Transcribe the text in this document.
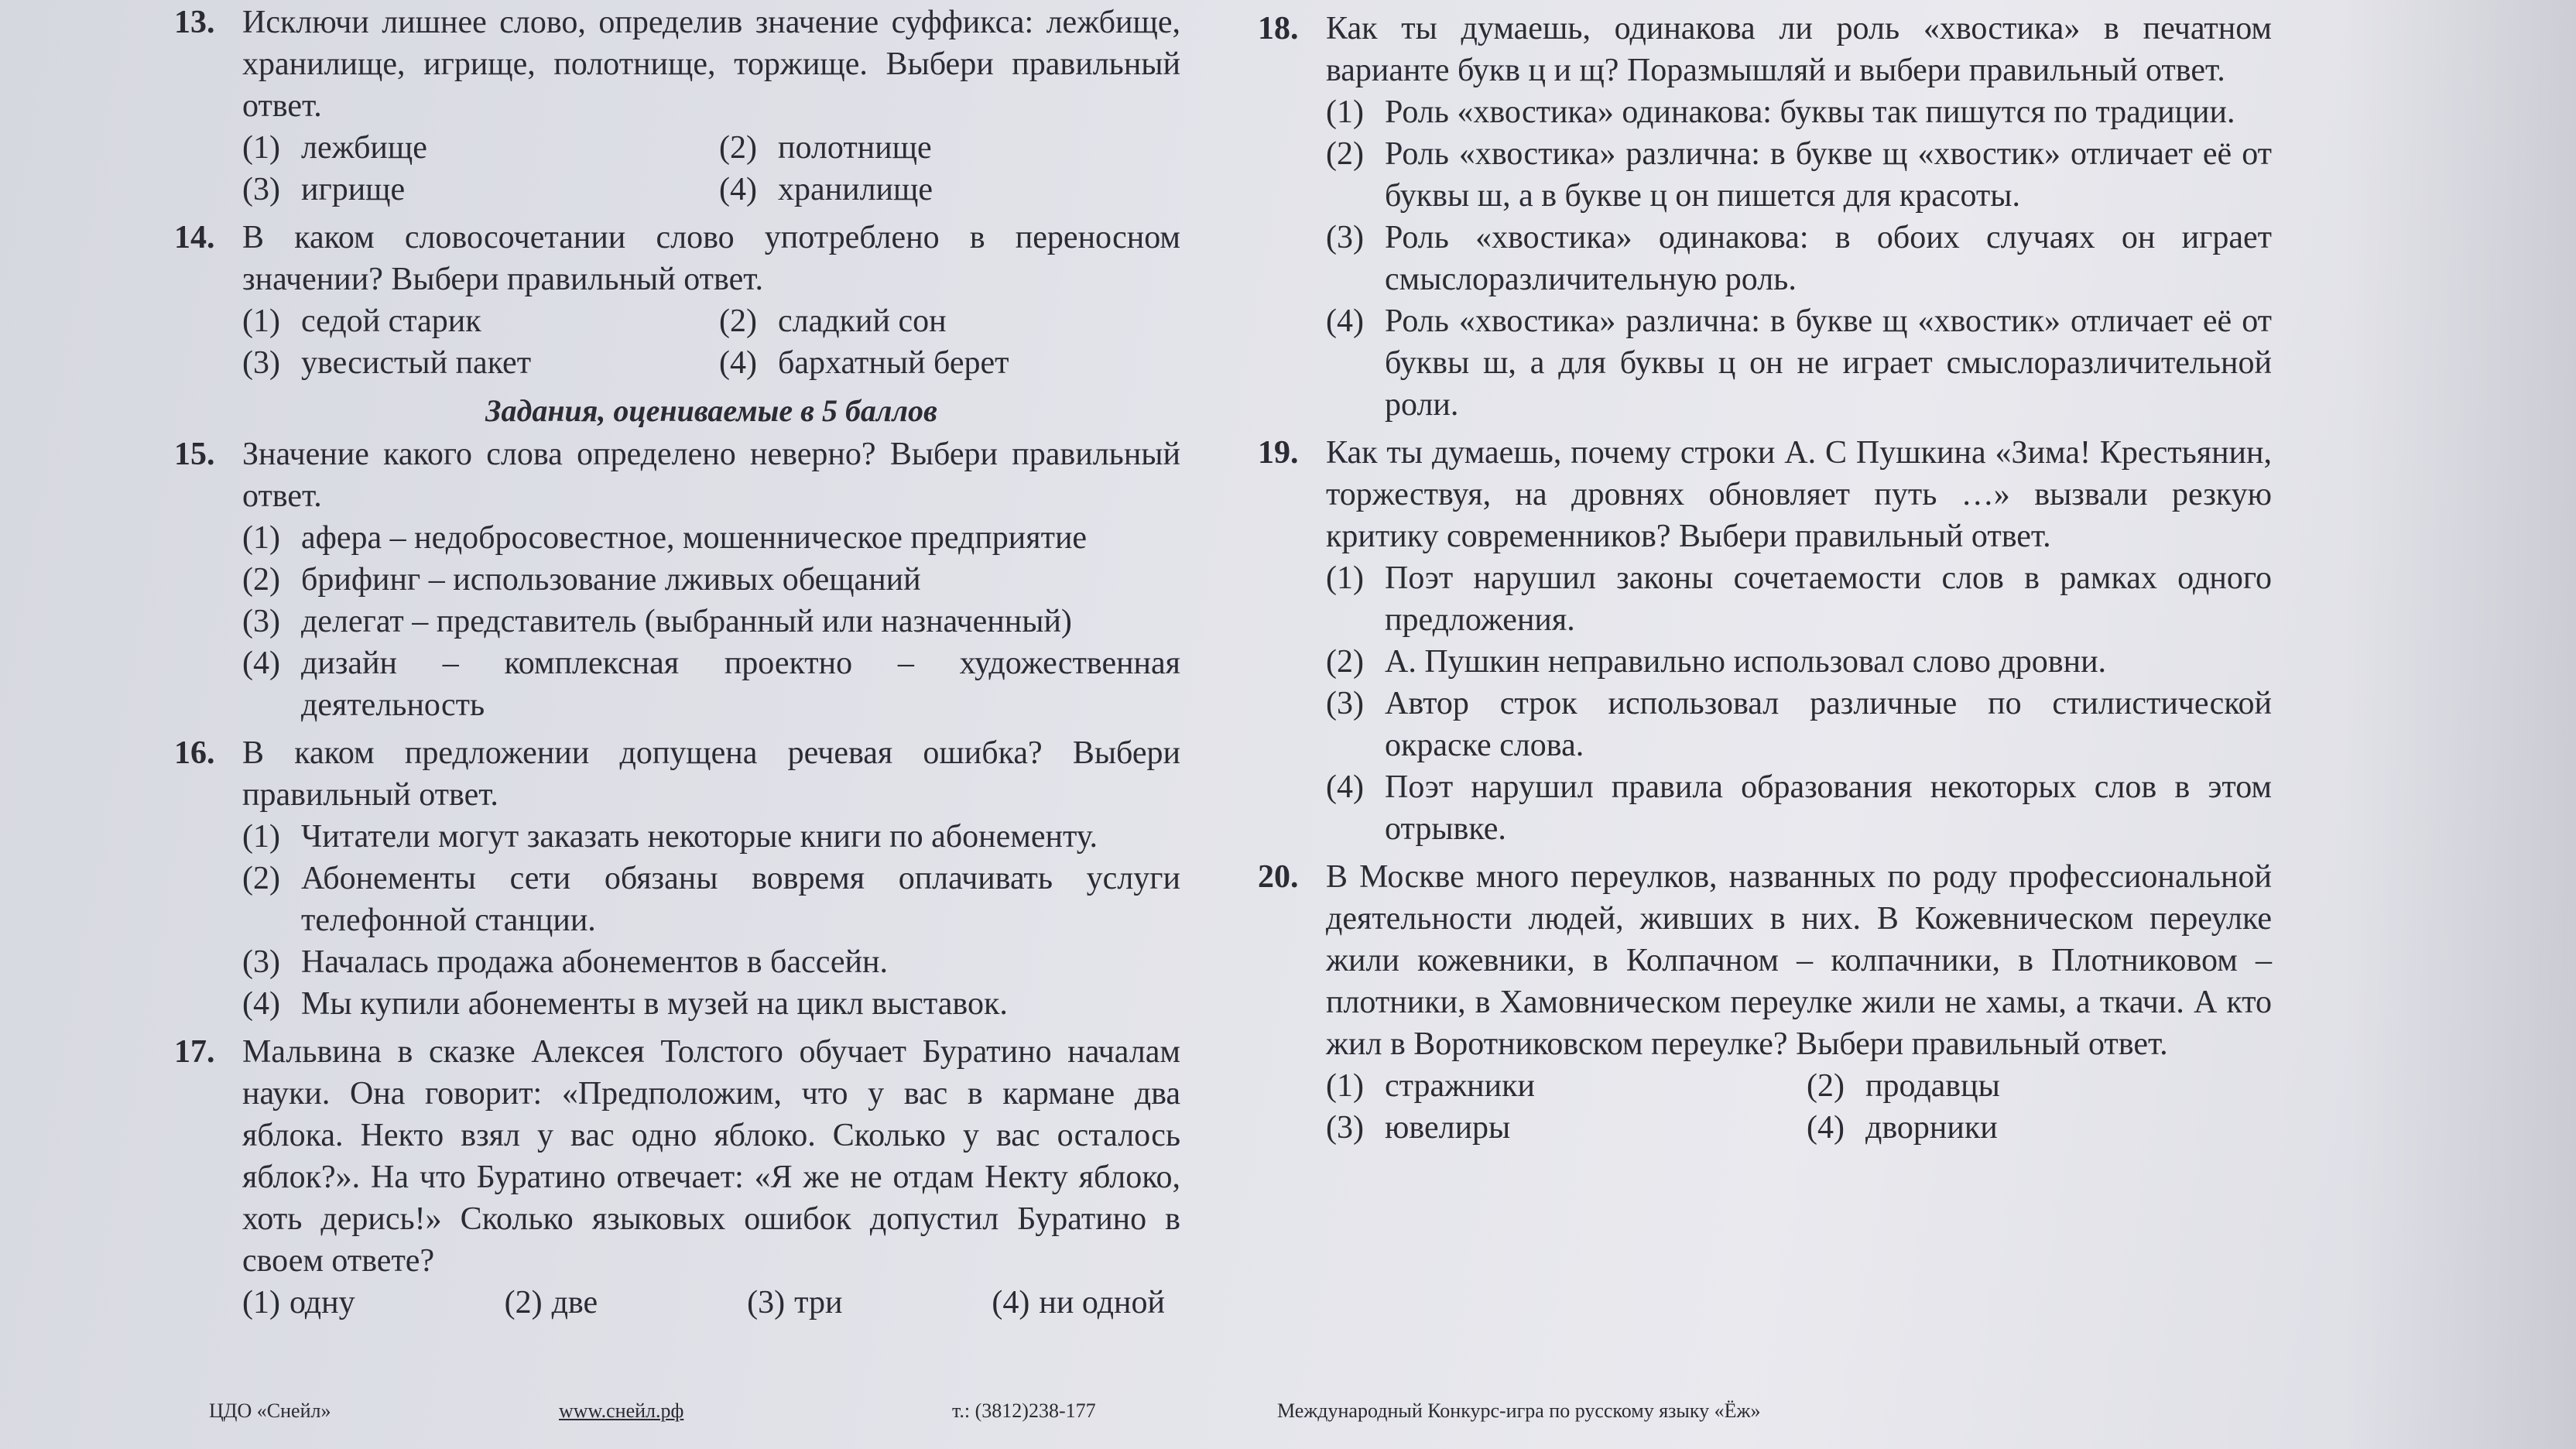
13. Исключи лишнее слово, определив значение суффикса: лежбище, хранилище, игрище, полотнище, торжище. Выбери правильный ответ.
(1) лежбище	(2) полотнище
(3) игрище	(4) хранилище
14. В каком словосочетании слово употреблено в переносном значении? Выбери правильный ответ.
(1) седой старик	(2) сладкий сон
(3) увесистый пакет	(4) бархатный берет
Задания, оцениваемые в 5 баллов
15. Значение какого слова определено неверно? Выбери правильный ответ.
(1) афера – недобросовестное, мошенническое предприятие
(2) брифинг – использование лживых обещаний
(3) делегат – представитель (выбранный или назначенный)
(4) дизайн – комплексная проектно – художественная деятельность
16. В каком предложении допущена речевая ошибка? Выбери правильный ответ.
(1) Читатели могут заказать некоторые книги по абонементу.
(2) Абонементы сети обязаны вовремя оплачивать услуги телефонной станции.
(3) Началась продажа абонементов в бассейн.
(4) Мы купили абонементы в музей на цикл выставок.
17. Мальвина в сказке Алексея Толстого обучает Буратино началам науки. Она говорит: «Предположим, что у вас в кармане два яблока. Некто взял у вас одно яблоко. Сколько у вас осталось яблок?». На что Буратино отвечает: «Я же не отдам Некту яблоко, хоть дерись!» Сколько языковых ошибок допустил Буратино в своем ответе?
(1) одну	(2) две	(3) три	(4) ни одной
18. Как ты думаешь, одинакова ли роль «хвостика» в печатном варианте букв ц и щ? Поразмышляй и выбери правильный ответ.
(1) Роль «хвостика» одинакова: буквы так пишутся по традиции.
(2) Роль «хвостика» различна: в букве щ «хвостик» отличает её от буквы ш, а в букве ц он пишется для красоты.
(3) Роль «хвостика» одинакова: в обоих случаях он играет смыслоразличительную роль.
(4) Роль «хвостика» различна: в букве щ «хвостик» отличает её от буквы ш, а для буквы ц он не играет смыслоразличительной роли.
19. Как ты думаешь, почему строки А. С Пушкина «Зима! Крестьянин, торжествуя, на дровнях обновляет путь …» вызвали резкую критику современников? Выбери правильный ответ.
(1) Поэт нарушил законы сочетаемости слов в рамках одного предложения.
(2) А. Пушкин неправильно использовал слово дровни.
(3) Автор строк использовал различные по стилистической окраске слова.
(4) Поэт нарушил правила образования некоторых слов в этом отрывке.
20. В Москве много переулков, названных по роду профессиональной деятельности людей, живших в них. В Кожевническом переулке жили кожевники, в Колпачном – колпачники, в Плотниковом – плотники, в Хамовническом переулке жили не хамы, а ткачи. А кто жил в Воротниковском переулке? Выбери правильный ответ.
(1) стражники	(2) продавцы
(3) ювелиры	(4) дворники
ЦДО «Снейл»	www.снейл.рф	т.: (3812)238-177	Международный Конкурс-игра по русскому языку «Ёж»
